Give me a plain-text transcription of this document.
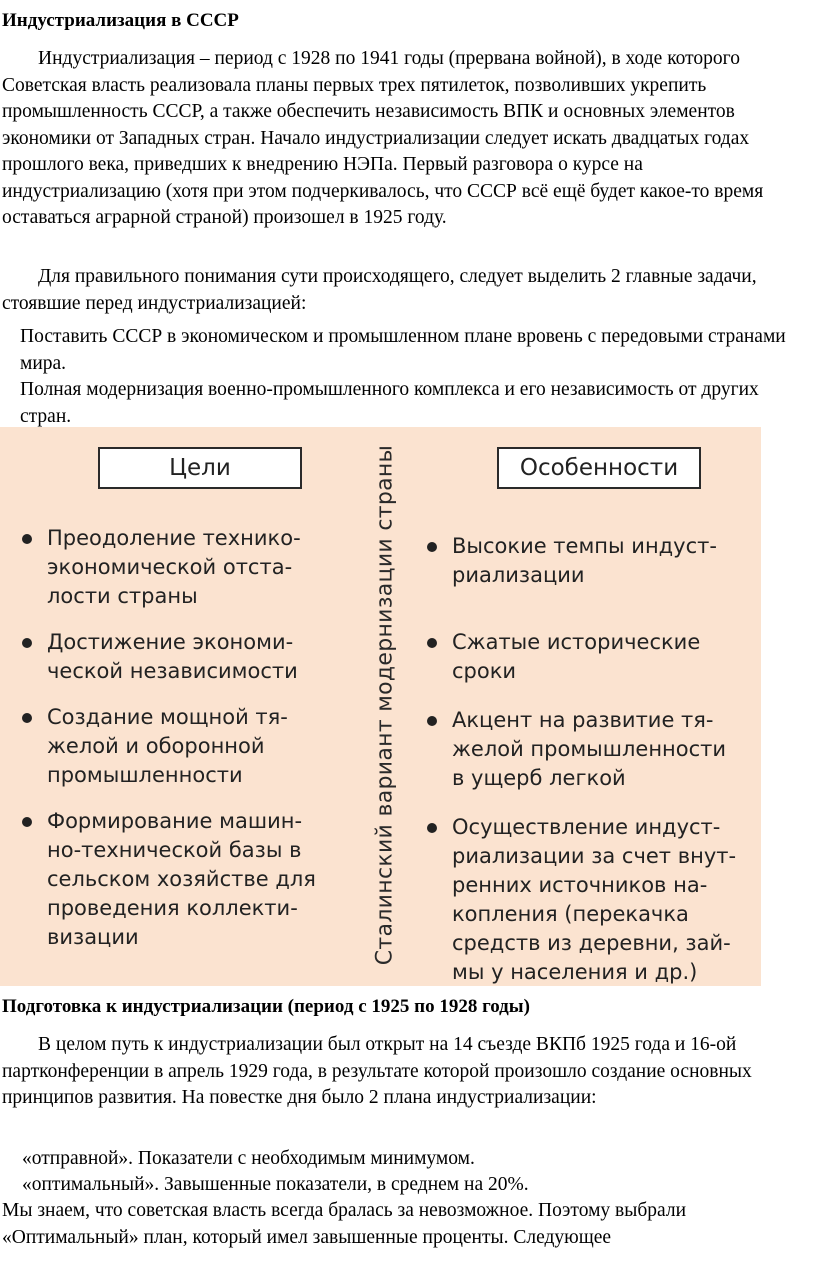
Индустриализация в СССР
Индустриализация – период с 1928 по 1941 годы (прервана войной), в ходе которого Советская власть реализовала планы первых трех пятилеток, позволивших укрепить промышленность СССР, а также обеспечить независимость ВПК и основных элементов экономики от Западных стран. Начало индустриализации следует искать двадцатых годах прошлого века, приведших к внедрению НЭПа. Первый разговора о курсе на индустриализацию (хотя при этом подчеркивалось, что СССР всё ещё будет какое-то время оставаться аграрной страной) произошел в 1925 году.
Для правильного понимания сути происходящего, следует выделить 2 главные задачи, стоявшие перед индустриализацией:
Поставить СССР в экономическом и промышленном плане вровень с передовыми странами мира.
Полная модернизация военно-промышленного комплекса и его независимость от других стран.
Цели	Особенности
Сталинский вариант модернизации страны
Преодоление технико-
экономической отста-
лости страны
Достижение экономи-
ческой независимости
Создание мощной тя-
желой и оборонной
промышленности
Формирование машин-
но-технической базы в
сельском хозяйстве для
проведения коллекти-
визации
Высокие темпы индуст-
риализации
Сжатые исторические
сроки
Акцент на развитие тя-
желой промышленности
в ущерб легкой
Осуществление индуст-
риализации за счет внут-
ренних источников на-
копления (перекачка
средств из деревни, зай-
мы у населения и др.)
Подготовка к индустриализации (период с 1925 по 1928 годы)
В целом путь к индустриализации был открыт на 14 съезде ВКПб 1925 года и 16-ой партконференции в апрель 1929 года, в результате которой произошло создание основных принципов развития. На повестке дня было 2 плана индустриализации:
«отправной». Показатели с необходимым минимумом.
«оптимальный». Завышенные показатели, в среднем на 20%.
Мы знаем, что советская власть всегда бралась за невозможное. Поэтому выбрали «Оптимальный» план, который имел завышенные проценты. Следующее
